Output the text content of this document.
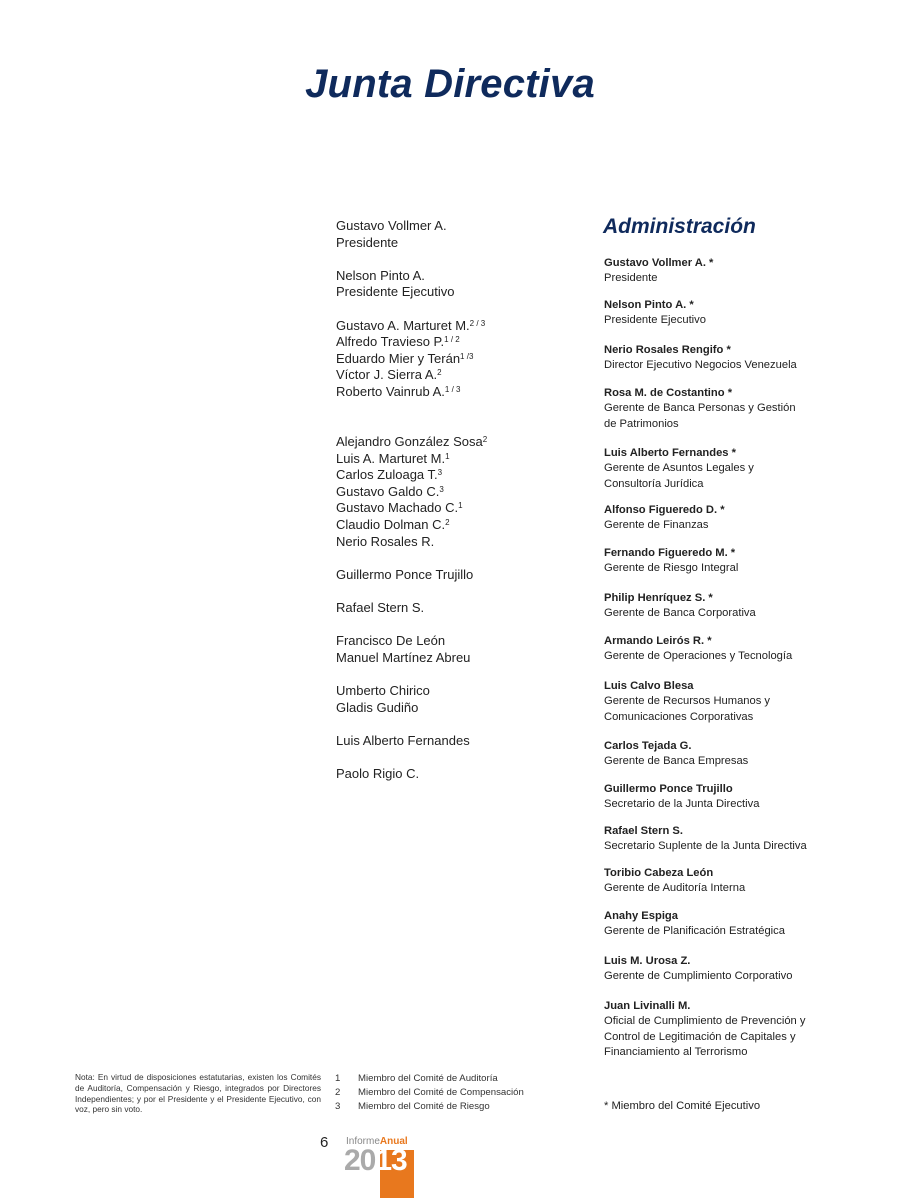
Junta Directiva
Gustavo Vollmer A.
Presidente
Nelson Pinto A.
Presidente Ejecutivo
Gustavo A. Marturet M.$^{2 / 3}$
Alfredo Travieso P.$^{1 / 2}$
Eduardo Mier y Terán$^{1 /3}$
Víctor J. Sierra A.$^2$
Roberto Vainrub A.$^{1 / 3}$
Alejandro González Sosa$^2$
Luis A. Marturet M.$^1$
Carlos Zuloaga T.$^3$
Gustavo Galdo C.$^3$
Gustavo Machado C.$^1$
Claudio Dolman C.$^2$
Nerio Rosales R.
Guillermo Ponce Trujillo
Rafael Stern S.
Francisco De León
Manuel Martínez Abreu
Umberto Chirico
Gladis Gudiño
Luis Alberto Fernandes
Paolo Rigio C.
Administración
Gustavo Vollmer A. *
Presidente
Nelson Pinto A. *
Presidente Ejecutivo
Nerio Rosales Rengifo *
Director Ejecutivo Negocios Venezuela
Rosa M. de Costantino *
Gerente de Banca Personas y Gestión
de Patrimonios
Luis Alberto Fernandes *
Gerente de Asuntos Legales y
Consultoría Jurídica
Alfonso Figueredo D. *
Gerente de Finanzas
Fernando Figueredo M. *
Gerente de Riesgo Integral
Philip Henríquez S. *
Gerente de Banca Corporativa
Armando Leirós R. *
Gerente de Operaciones y Tecnología
Luis Calvo Blesa
Gerente de Recursos Humanos y
Comunicaciones Corporativas
Carlos Tejada G.
Gerente de Banca Empresas
Guillermo Ponce Trujillo
Secretario de la Junta Directiva
Rafael Stern S.
Secretario Suplente de la Junta Directiva
Toribio Cabeza León
Gerente de Auditoría Interna
Anahy Espiga
Gerente de Planificación Estratégica
Luis M. Urosa Z.
Gerente de Cumplimiento Corporativo
Juan Livinalli M.
Oficial de Cumplimiento de Prevención y
Control de Legitimación de Capitales y
Financiamiento al Terrorismo
* Miembro del Comité Ejecutivo
Nota: En virtud de disposiciones estatutarias, existen los Comités de Auditoría, Compensación y Riesgo, integrados por Directores Independientes; y por el Presidente y el Presidente Ejecutivo, con voz, pero sin voto.
1 Miembro del Comité de Auditoría
2 Miembro del Comité de Compensación
3 Miembro del Comité de Riesgo
6 InformeAnual
2013
